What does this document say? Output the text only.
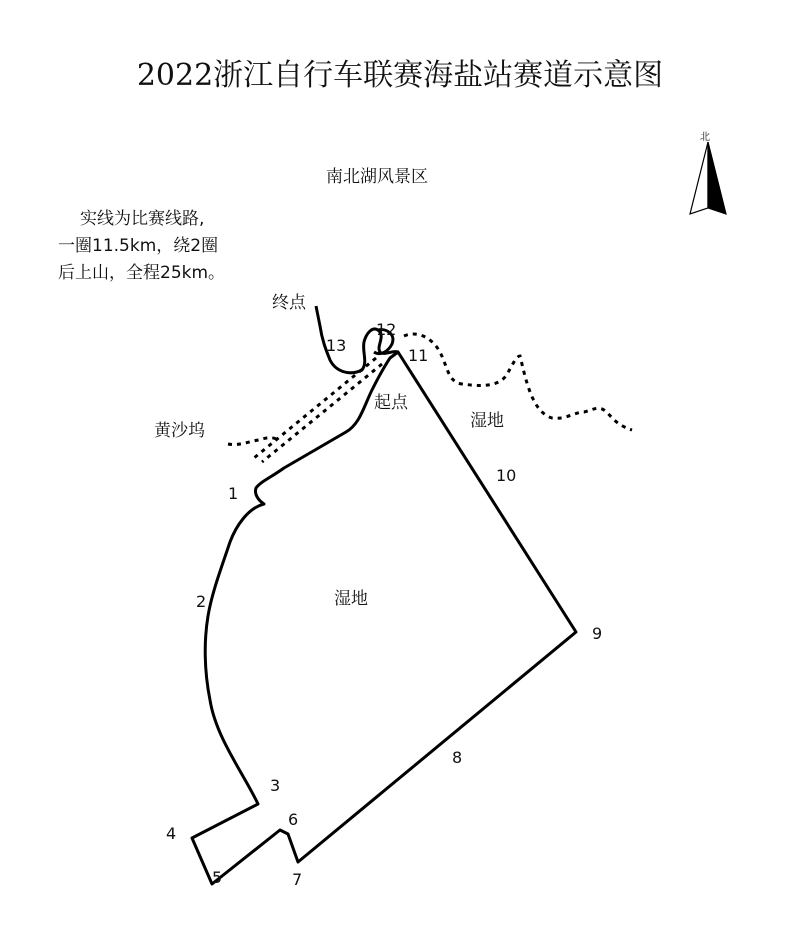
2022浙江自行车联赛海盐站赛道示意图
北
南北湖风景区
湿地
湿地
黄沙坞
实线为比赛线路,
一圈11.5km，绕2圈
后上山，全程25km。
终点
起点
1
2
3
4
5
6
7
8
9
10
11
12
13
